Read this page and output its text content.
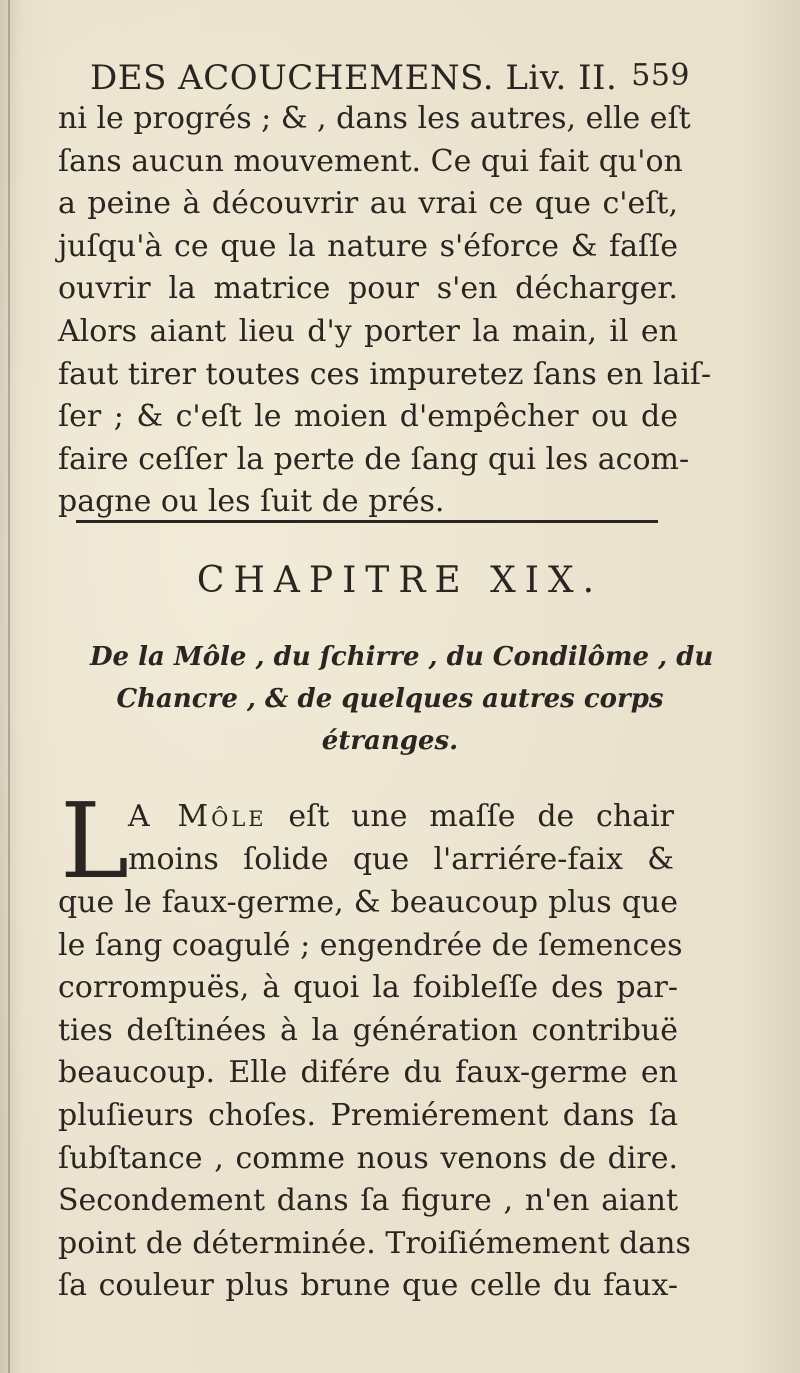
DES ACOUCHEMENS. Liv. II. 559
ni le progrés ; & , dans les autres, elle eſt
ſans aucun mouvement. Ce qui fait qu'on
a peine à découvrir au vrai ce que c'eſt,
juſqu'à ce que la nature s'éforce & faſſe
ouvrir la matrice pour s'en décharger.
Alors aiant lieu d'y porter la main, il en
faut tirer toutes ces impuretez ſans en laiſ-
ſer ; & c'eſt le moien d'empêcher ou de
faire ceſſer la perte de ſang qui les acom-
pagne ou les ſuit de prés.
CHAPITRE XIX.
De la Môle , du ſchirre , du Condilôme , du
Chancre , & de quelques autres corps
étranges.
L
A Môle eſt une maſſe de chair
moins ſolide que l'arriére-faix &
que le faux-germe, & beaucoup plus que
le ſang coagulé ; engendrée de ſemences
corrompuës, à quoi la foibleſſe des par-
ties deſtinées à la génération contribuë
beaucoup. Elle difére du faux-germe en
pluſieurs choſes. Premiérement dans ſa
ſubſtance , comme nous venons de dire.
Secondement dans ſa figure , n'en aiant
point de déterminée. Troiſiémement dans
ſa couleur plus brune que celle du faux-
